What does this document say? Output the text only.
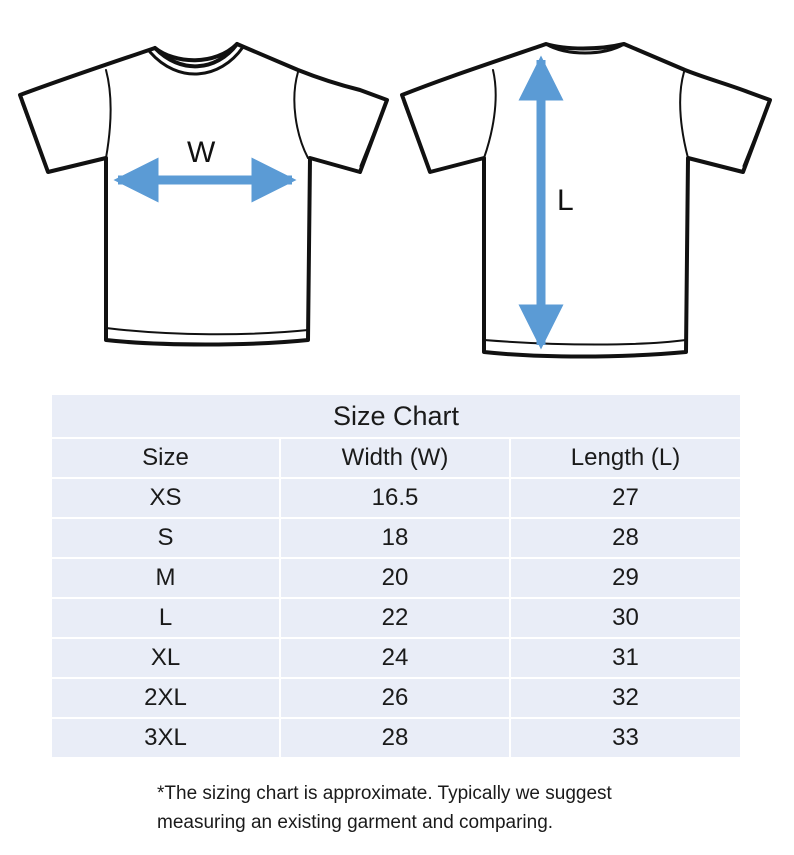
W
L
Size Chart		
Size	Width (W)	Length (L)
XS	16.5	27
S	18	28
M	20	29
L	22	30
XL	24	31
2XL	26	32
3XL	28	33
*The sizing chart is approximate. Typically we suggest
measuring an existing garment and comparing.
